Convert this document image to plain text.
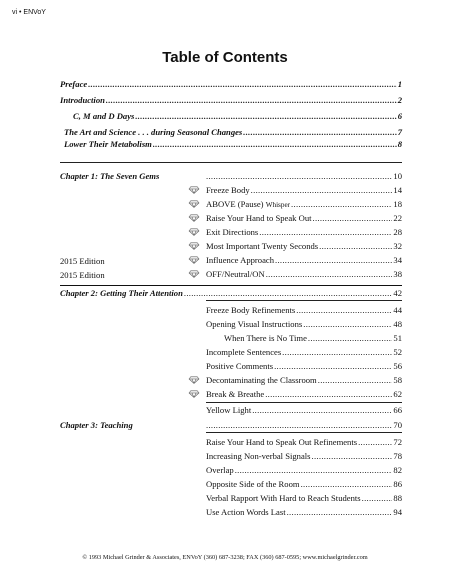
vi • ENVoY
Table of Contents
Preface .....	1
Introduction .....	2
C, M and D Days .....	6
The Art and Science . . . during Seasonal Changes .....	7
Lower Their Metabolism .....	8
Chapter 1: The Seven Gems .....	10
Freeze Body .....	14
ABOVE (Pause) Whisper .....	18
Raise Your Hand to Speak Out .....	22
Exit Directions .....	28
Most Important Twenty Seconds .....	32
2015 Edition	Influence Approach .....	34
2015 Edition	OFF/Neutral/ON .....	38
Chapter 2: Getting Their Attention .....	42
Freeze Body Refinements .....	44
Opening Visual Instructions .....	48
When There is No Time .....	51
Incomplete Sentences .....	52
Positive Comments .....	56
Decontaminating the Classroom .....	58
Break & Breathe .....	62
Yellow Light .....	66
Chapter 3: Teaching .....	70
Raise Your Hand to Speak Out Refinements .....	72
Increasing Non-verbal Signals .....	78
Overlap .....	82
Opposite Side of the Room .....	86
Verbal Rapport With Hard to Reach Students .....	88
Use Action Words Last .....	94
© 1993 Michael Grinder & Associates, ENVoY (360) 687-3238; FAX (360) 687-0595; www.michaelgrinder.com
